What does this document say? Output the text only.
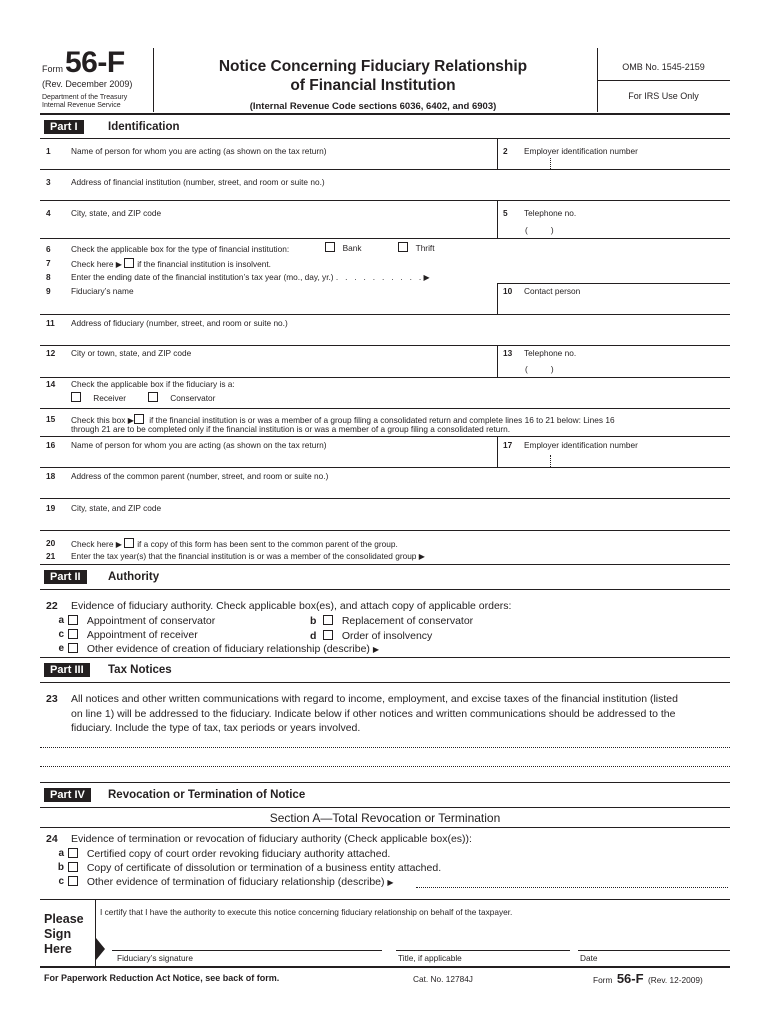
Form 56-F
(Rev. December 2009)
Department of the Treasury
Internal Revenue Service
Notice Concerning Fiduciary Relationship
of Financial Institution
(Internal Revenue Code sections 6036, 6402, and 6903)
OMB No. 1545-2159
For IRS Use Only
Part I	Identification
1 Name of person for whom you are acting (as shown on the tax return)	2 Employer identification number
3 Address of financial institution (number, street, and room or suite no.)
4 City, state, and ZIP code	5 Telephone no.
(          )
6 Check the applicable box for the type of financial institution:	Bank	Thrift
7 Check here ▶ if the financial institution is insolvent.
8 Enter the ending date of the financial institution’s tax year (mo., day, yr.) .   .   .   .   .   .   .   .   .   . ▶
9 Fiduciary’s name	10 Contact person
11 Address of fiduciary (number, street, and room or suite no.)
12 City or town, state, and ZIP code	13 Telephone no.
(          )
14 Check the applicable box if the fiduciary is a:
Receiver	Conservator
15 Check this box ▶ if the financial institution is or was a member of a group filing a consolidated return and complete lines 16 to 21 below: Lines 16
through 21 are to be completed only if the financial institution is or was a member of a group filing a consolidated return.
16 Name of person for whom you are acting (as shown on the tax return)	17 Employer identification number
18 Address of the common parent (number, street, and room or suite no.)
19 City, state, and ZIP code
20 Check here ▶ if a copy of this form has been sent to the common parent of the group.
21 Enter the tax year(s) that the financial institution is or was a member of the consolidated group ▶
Part II	Authority
22 Evidence of fiduciary authority. Check applicable box(es), and attach copy of applicable orders:
a	Appointment of conservator	b	Replacement of conservator
c	Appointment of receiver	d	Order of insolvency
e	Other evidence of creation of fiduciary relationship (describe) ▶
Part III	Tax Notices
23 All notices and other written communications with regard to income, employment, and excise taxes of the financial institution (listed
on line 1) will be addressed to the fiduciary. Indicate below if other notices and written communications should be addressed to the
fiduciary. Include the type of tax, tax periods or years involved.
Part IV	Revocation or Termination of Notice
Section A—Total Revocation or Termination
24 Evidence of termination or revocation of fiduciary authority (Check applicable box(es)):
a	Certified copy of court order revoking fiduciary authority attached.
b	Copy of certificate of dissolution or termination of a business entity attached.
c	Other evidence of termination of fiduciary relationship (describe) ▶
Please
Sign
Here
I certify that I have the authority to execute this notice concerning fiduciary relationship on behalf of the taxpayer.
Fiduciary’s signature	Title, if applicable	Date
For Paperwork Reduction Act Notice, see back of form.	Cat. No. 12784J	Form 56-F (Rev. 12-2009)
